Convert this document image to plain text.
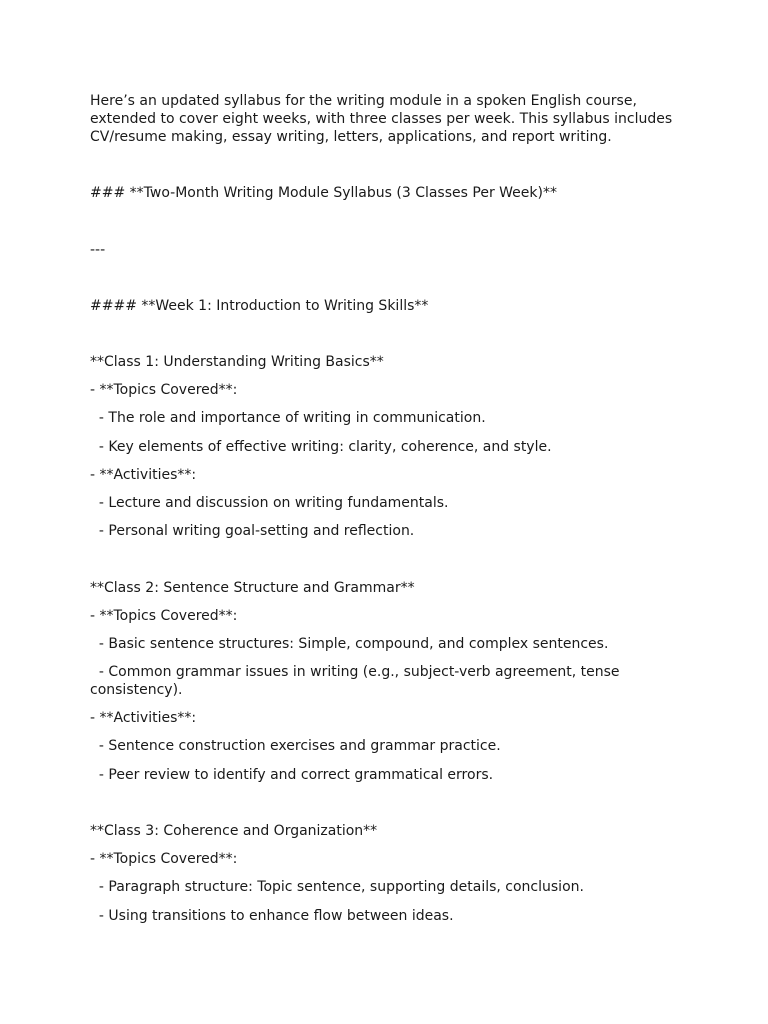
Here’s an updated syllabus for the writing module in a spoken English course, extended to cover eight weeks, with three classes per week. This syllabus includes CV/resume making, essay writing, letters, applications, and report writing.

### **Two-Month Writing Module Syllabus (3 Classes Per Week)**

---

#### **Week 1: Introduction to Writing Skills**

**Class 1: Understanding Writing Basics**

- **Topics Covered**:

- The role and importance of writing in communication.

- Key elements of effective writing: clarity, coherence, and style.

- **Activities**:

- Lecture and discussion on writing fundamentals.

- Personal writing goal-setting and reflection.

**Class 2: Sentence Structure and Grammar**

- **Topics Covered**:

- Basic sentence structures: Simple, compound, and complex sentences.

- Common grammar issues in writing (e.g., subject-verb agreement, tense consistency).

- **Activities**:

- Sentence construction exercises and grammar practice.

- Peer review to identify and correct grammatical errors.

**Class 3: Coherence and Organization**

- **Topics Covered**:

- Paragraph structure: Topic sentence, supporting details, conclusion.

- Using transitions to enhance flow between ideas.
